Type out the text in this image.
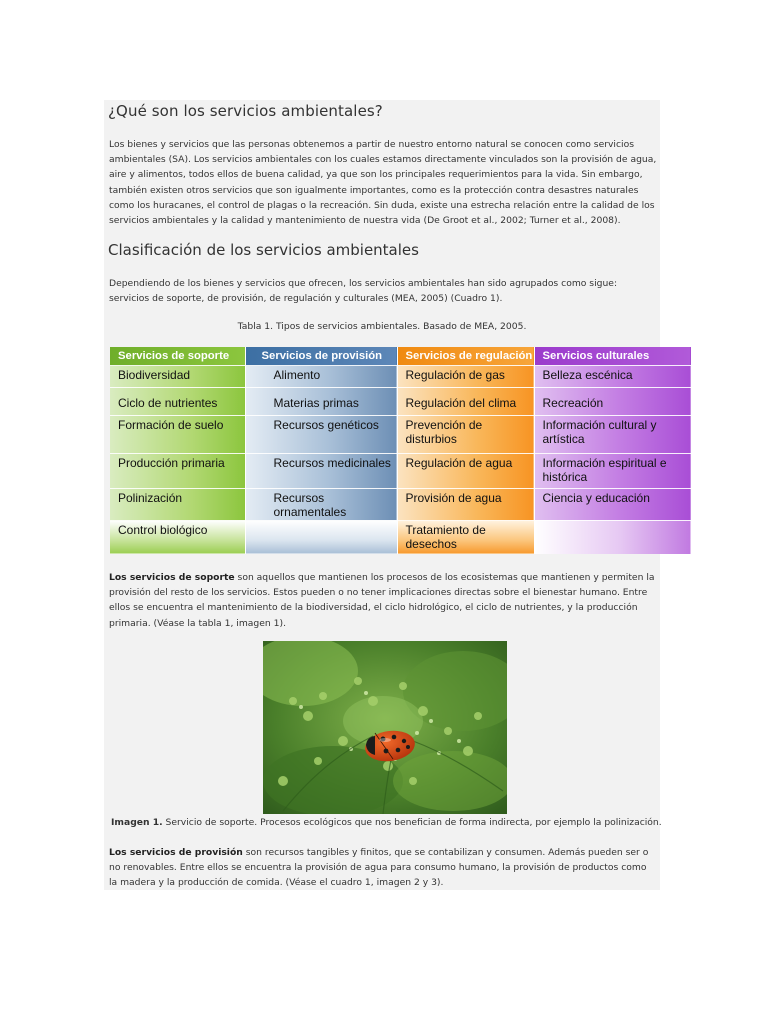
¿Qué son los servicios ambientales?

Los bienes y servicios que las personas obtenemos a partir de nuestro entorno natural se conocen como servicios ambientales (SA). Los servicios ambientales con los cuales estamos directamente vinculados son la provisión de agua, aire y alimentos, todos ellos de buena calidad, ya que son los principales requerimientos para la vida. Sin embargo, también existen otros servicios que son igualmente importantes, como es la protección contra desastres naturales como los huracanes, el control de plagas o la recreación. Sin duda, existe una estrecha relación entre la calidad de los servicios ambientales y la calidad y mantenimiento de nuestra vida (De Groot et al., 2002; Turner et al., 2008).

Clasificación de los servicios ambientales

Dependiendo de los bienes y servicios que ofrecen, los servicios ambientales han sido agrupados como sigue: servicios de soporte, de provisión, de regulación y culturales (MEA, 2005) (Cuadro 1).

Tabla 1. Tipos de servicios ambientales. Basado de MEA, 2005.
Servicios de soporte	Servicios de provisión	Servicios de regulación	Servicios culturales
Biodiversidad	Alimento	Regulación de gas	Belleza escénica
Ciclo de nutrientes	Materias primas	Regulación del clima	Recreación
Formación de suelo	Recursos genéticos	Prevención de disturbios	Información cultural y artística
Producción primaria	Recursos medicinales	Regulación de agua	Información espiritual e histórica
Polinización	Recursos ornamentales	Provisión de agua	Ciencia y educación
Control biológico		Tratamiento de desechos	

Los servicios de soporte son aquellos que mantienen los procesos de los ecosistemas que mantienen y permiten la provisión del resto de los servicios. Estos pueden o no tener implicaciones directas sobre el bienestar humano. Entre ellos se encuentra el mantenimiento de la biodiversidad, el ciclo hidrológico, el ciclo de nutrientes, y la producción primaria. (Véase la tabla 1, imagen 1).

Imagen 1. Servicio de soporte. Procesos ecológicos que nos benefician de forma indirecta, por ejemplo la polinización.

Los servicios de provisión son recursos tangibles y finitos, que se contabilizan y consumen. Además pueden ser o no renovables. Entre ellos se encuentra la provisión de agua para consumo humano, la provisión de productos como la madera y la producción de comida. (Véase el cuadro 1, imagen 2 y 3).
